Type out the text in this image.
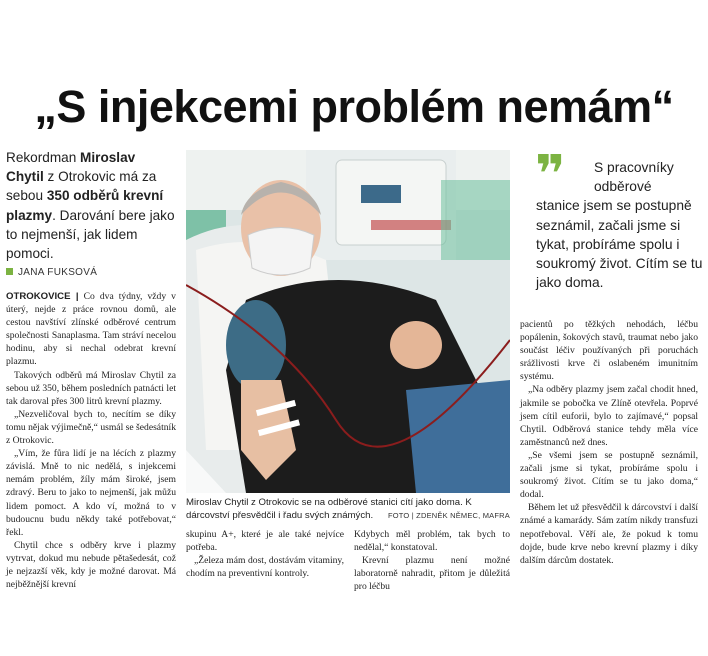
„S injekcemi problém nemám“
Rekordman Miroslav Chytil z Otrokovic má za sebou 350 odběrů krevní plazmy. Darování bere jako to nejmenší, jak lidem pomoci.
JANA FUKSOVÁ

OTROKOVICE | Co dva týdny, vždy v úterý, nejde z práce rovnou domů, ale cestou navštíví zlínské odběrové centrum společnosti Sanaplasma. Tam stráví necelou hodinu, aby si nechal odebrat krevní plazmu.

Takových odběrů má Miroslav Chytil za sebou už 350, během posledních patnácti let tak daroval přes 300 litrů krevní plazmy.

„Nezveličoval bych to, necítím se díky tomu nějak výjimečně,“ usmál se šedesátník z Otrokovic.

„Vím, že fůra lidí je na lécích z plazmy závislá. Mně to nic nedělá, s injekcemi nemám problém, žíly mám široké, jsem zdravý. Beru to jako to nejmenší, jak můžu lidem pomoct. A kdo ví, možná to v budoucnu budu někdy také potřebovat,“ řekl.

Chytil chce s odběry krve i plazmy vytrvat, dokud mu nebude pětašedesát, což je nejzazší věk, kdy je možné darovat. Má nejběžnější krevní

Miroslav Chytil z Otrokovic se na odběrové stanici cítí jako doma. K dárcovství přesvědčil i řadu svých známých. FOTO | ZDENĚK NĚMEC, MAFRA

skupinu A+, které je ale také nejvíce potřeba.

„Železa mám dost, dostávám vitaminy, chodím na preventivní kontroly.

Kdybych měl problém, tak bych to nedělal,“ konstatoval.

Krevní plazmu není možné laboratorně nahradit, přitom je důležitá pro léčbu

❞	S pracovníky
odběrové
stanice jsem se postupně seznámil, začali jsme si tykat, probíráme spolu i soukromý život. Cítím se tu jako doma.

pacientů po těžkých nehodách, léčbu popálenin, šokových stavů, traumat nebo jako součást léčiv používaných při poruchách srážlivosti krve či oslabeném imunitním systému.

„Na odběry plazmy jsem začal chodit hned, jakmile se pobočka ve Zlíně otevřela. Poprvé jsem cítil euforii, bylo to zajímavé,“ popsal Chytil. Odběrová stanice tehdy měla více zaměstnanců než dnes.

„Se všemi jsem se postupně seznámil, začali jsme si tykat, probíráme spolu i soukromý život. Cítím se tu jako doma,“ dodal.

Během let už přesvědčil k dárcovství i další známé a kamarády. Sám zatím nikdy transfuzi nepotřeboval. Věří ale, že pokud k tomu dojde, bude krve nebo krevní plazmy i díky dalším dárcům dostatek.
